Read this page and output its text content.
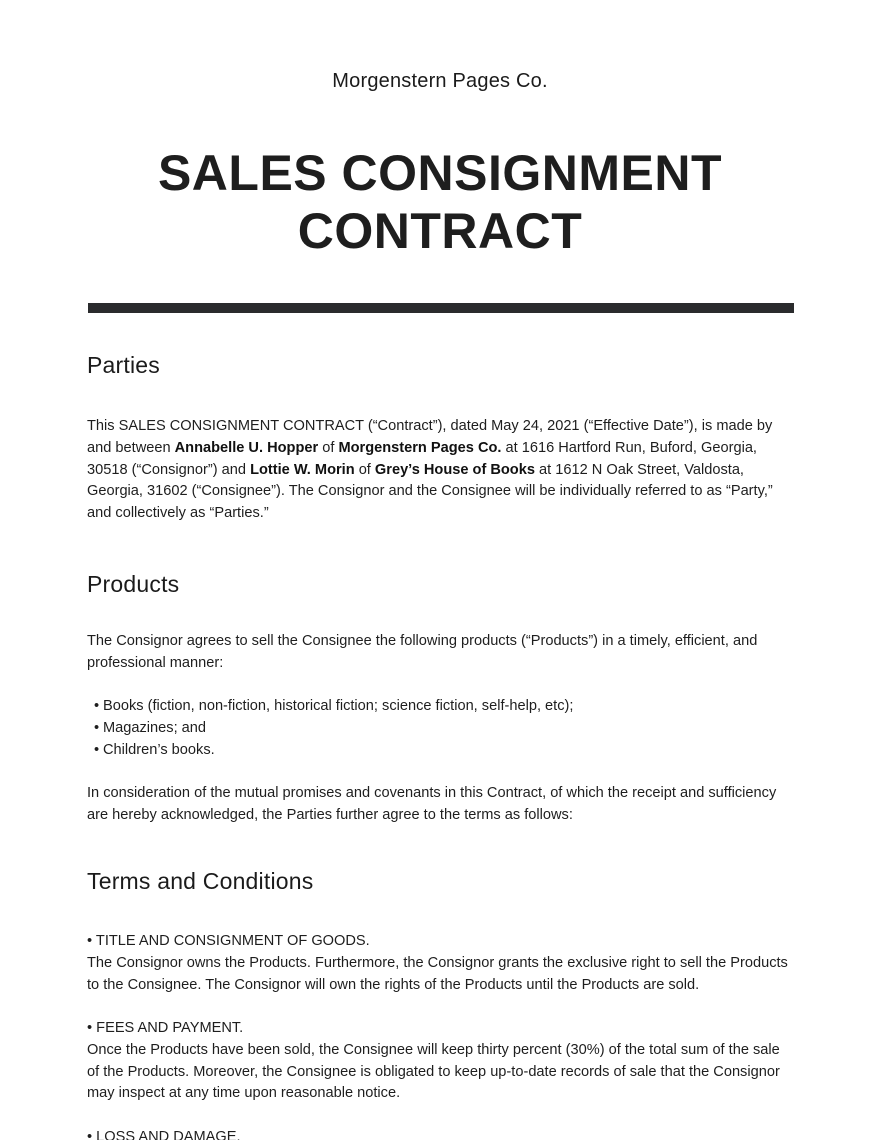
Morgenstern Pages Co.
SALES CONSIGNMENT
CONTRACT
Parties

This SALES CONSIGNMENT CONTRACT (“Contract”), dated May 24, 2021 (“Effective Date”), is made by and between Annabelle U. Hopper of Morgenstern Pages Co. at 1616 Hartford Run, Buford, Georgia, 30518 (“Consignor”) and Lottie W. Morin of Grey’s House of Books at 1612 N Oak Street, Valdosta, Georgia, 31602 (“Consignee”). The Consignor and the Consignee will be individually referred to as “Party,” and collectively as “Parties.”

Products

The Consignor agrees to sell the Consignee the following products (“Products”) in a timely, efficient, and professional manner:

• Books (fiction, non-fiction, historical fiction; science fiction, self-help, etc);
• Magazines; and
• Children’s books.

In consideration of the mutual promises and covenants in this Contract, of which the receipt and sufficiency are hereby acknowledged, the Parties further agree to the terms as follows:

Terms and Conditions
• TITLE AND CONSIGNMENT OF GOODS.
The Consignor owns the Products. Furthermore, the Consignor grants the exclusive right to sell the Products to the Consignee. The Consignor will own the rights of the Products until the Products are sold.
• FEES AND PAYMENT.
Once the Products have been sold, the Consignee will keep thirty percent (30%) of the total sum of the sale of the Products. Moreover, the Consignee is obligated to keep up-to-date records of sale that the Consignor may inspect at any time upon reasonable notice.
• LOSS AND DAMAGE.
